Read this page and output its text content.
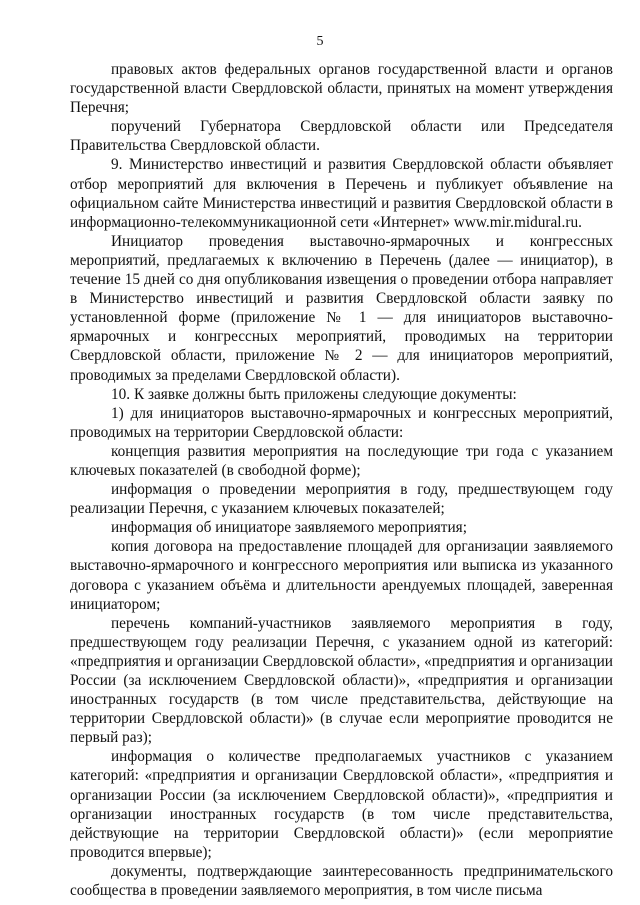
5

правовых актов федеральных органов государственной власти и органов государственной власти Свердловской области, принятых на момент утверждения Перечня;

поручений Губернатора Свердловской области или Председателя Правительства Свердловской области.

9. Министерство инвестиций и развития Свердловской области объявляет отбор мероприятий для включения в Перечень и публикует объявление на официальном сайте Министерства инвестиций и развития Свердловской области в информационно-телекоммуникационной сети «Интернет» www.mir.midural.ru.

Инициатор проведения выставочно-ярмарочных и конгрессных мероприятий, предлагаемых к включению в Перечень (далее — инициатор), в течение 15 дней со дня опубликования извещения о проведении отбора направляет в Министерство инвестиций и развития Свердловской области заявку по установленной форме (приложение № 1 — для инициаторов выставочно-ярмарочных и конгрессных мероприятий, проводимых на территории Свердловской области, приложение № 2 — для инициаторов мероприятий, проводимых за пределами Свердловской области).

10. К заявке должны быть приложены следующие документы:

1) для инициаторов выставочно-ярмарочных и конгрессных мероприятий, проводимых на территории Свердловской области:

концепция развития мероприятия на последующие три года с указанием ключевых показателей (в свободной форме);

информация о проведении мероприятия в году, предшествующем году реализации Перечня, с указанием ключевых показателей;

информация об инициаторе заявляемого мероприятия;

копия договора на предоставление площадей для организации заявляемого выставочно-ярмарочного и конгрессного мероприятия или выписка из указанного договора с указанием объёма и длительности арендуемых площадей, заверенная инициатором;

перечень компаний-участников заявляемого мероприятия в году, предшествующем году реализации Перечня, с указанием одной из категорий: «предприятия и организации Свердловской области», «предприятия и организации России (за исключением Свердловской области)», «предприятия и организации иностранных государств (в том числе представительства, действующие на территории Свердловской области)» (в случае если мероприятие проводится не первый раз);

информация о количестве предполагаемых участников с указанием категорий: «предприятия и организации Свердловской области», «предприятия и организации России (за исключением Свердловской области)», «предприятия и организации иностранных государств (в том числе представительства, действующие на территории Свердловской области)» (если мероприятие проводится впервые);

документы, подтверждающие заинтересованность предпринимательского сообщества в проведении заявляемого мероприятия, в том числе письма
